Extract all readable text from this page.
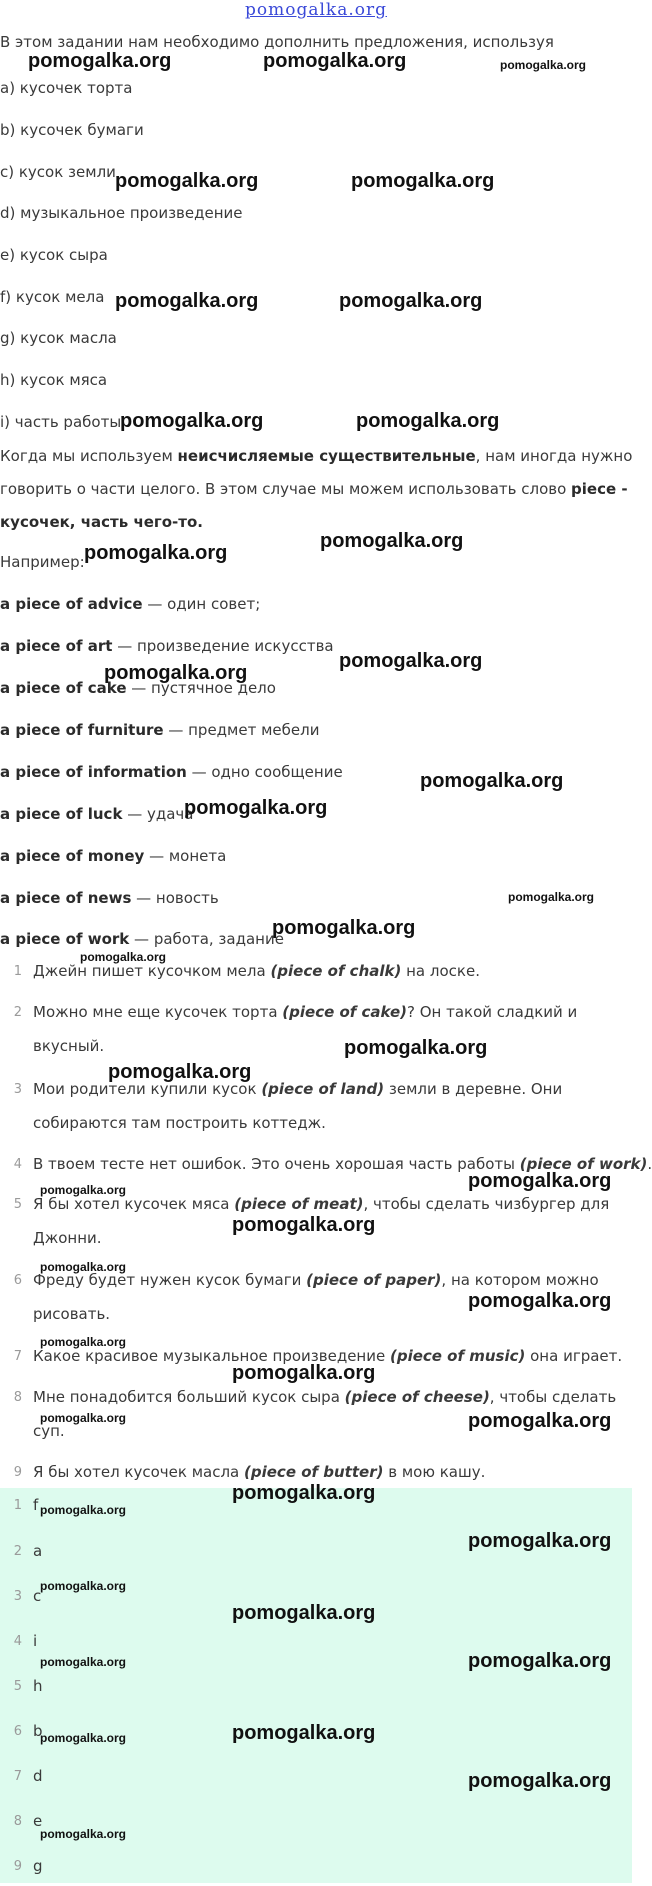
pomogalka.org
В этом задании нам необходимо дополнить предложения, используя
a) кусочек торта
b) кусочек бумаги
c) кусок земли
d) музыкальное произведение
e) кусок сыра
f) кусок мела
g) кусок масла
h) кусок мяса
i) часть работы
Когда мы используем неисчисляемые существительные, нам иногда нужно
говорить о части целого. В этом случае мы можем использовать слово piece -
кусочек, часть чего-то.
Например:
a piece of advice — один совет;
a piece of art — произведение искусства
a piece of cake — пустячное дело
a piece of furniture — предмет мебели
a piece of information — одно сообщение
a piece of luck — удача
a piece of money — монета
a piece of news — новость
a piece of work — работа, задание
1 Джейн пишет кусочком мела (piece of chalk) на лоске.
2 Можно мне еще кусочек торта (piece of cake)? Он такой сладкий и
вкусный.
3 Мои родители купили кусок (piece of land) земли в деревне. Они
собираются там построить коттедж.
4 В твоем тесте нет ошибок. Это очень хорошая часть работы (piece of work).
5 Я бы хотел кусочек мяса (piece of meat), чтобы сделать чизбургер для
Джонни.
6 Фреду будет нужен кусок бумаги (piece of paper), на котором можно
рисовать.
7 Какое красивое музыкальное произведение (piece of music) она играет.
8 Мне понадобится больший кусок сыра (piece of cheese), чтобы сделать
суп.
9 Я бы хотел кусочек масла (piece of butter) в мою кашу.
1 f
2 a
3 c
4 i
5 h
6 b
7 d
8 e
9 g
pomogalka.org	pomogalka.org	pomogalka.org
pomogalka.org	pomogalka.org
pomogalka.org	pomogalka.org
pomogalka.org	pomogalka.org
pomogalka.org
pomogalka.org
pomogalka.org
pomogalka.org
pomogalka.org
pomogalka.org
pomogalka.org
pomogalka.org
pomogalka.org
pomogalka.org
pomogalka.org
pomogalka.org	pomogalka.org
pomogalka.org
pomogalka.org
pomogalka.org
pomogalka.org
pomogalka.org
pomogalka.org	pomogalka.org
pomogalka.org
pomogalka.org
pomogalka.org
pomogalka.org
pomogalka.org
pomogalka.org	pomogalka.org
pomogalka.org	pomogalka.org
pomogalka.org
pomogalka.org
